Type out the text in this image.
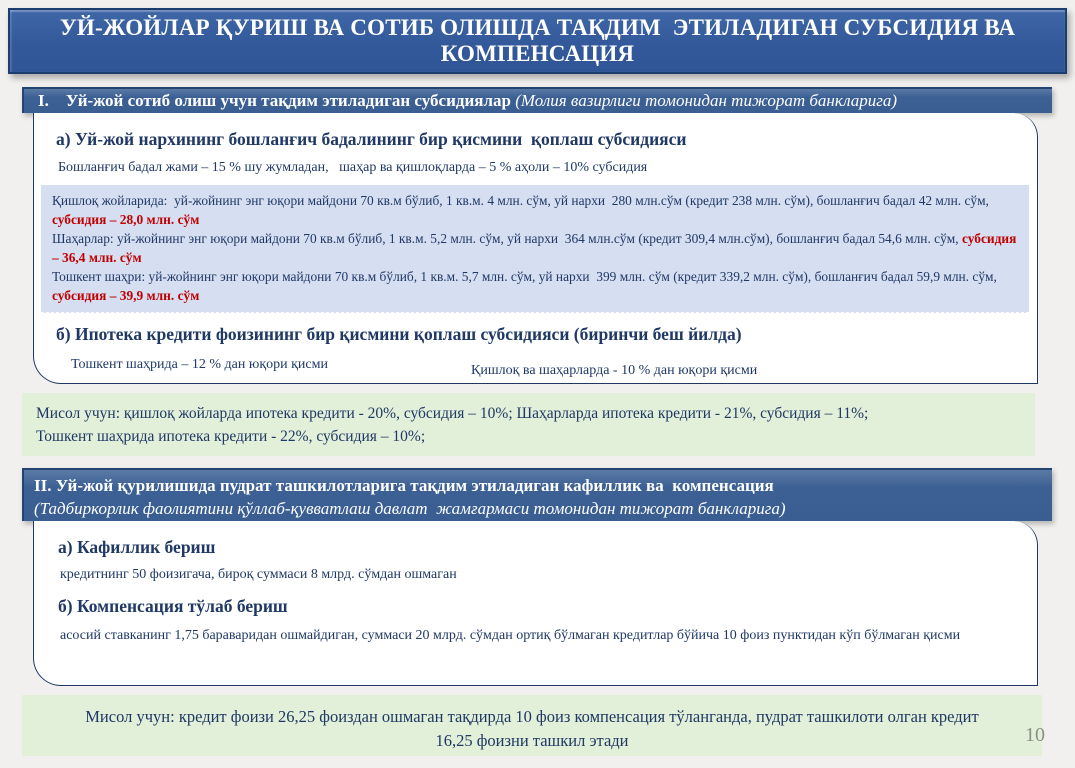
УЙ-ЖОЙЛАР ҚУРИШ ВА СОТИБ ОЛИШДА ТАҚДИМ  ЭТИЛАДИГАН СУБСИДИЯ ВА КОМПЕНСАЦИЯ
I.    Уй-жой сотиб олиш учун тақдим этиладиган субсидиялар (Молия вазирлиги томонидан тижорат банкларига)
а) Уй-жой нархининг бошланғич бадалининг бир қисмини  қоплаш субсидияси
Бошланғич бадал жами – 15 % шу жумладан,   шаҳар ва қишлоқларда – 5 % аҳоли – 10% субсидия
Қишлоқ жойларида:  уй-жойнинг энг юқори майдони 70 кв.м бўлиб, 1 кв.м. 4 млн. сўм, уй нархи  280 млн.сўм (кредит 238 млн. сўм), бошланғич бадал 42 млн. сўм, субсидия – 28,0 млн. сўм
Шаҳарлар: уй-жойнинг энг юқори майдони 70 кв.м бўлиб, 1 кв.м. 5,2 млн. сўм, уй нархи  364 млн.сўм (кредит 309,4 млн.сўм), бошланғич бадал 54,6 млн. сўм, субсидия – 36,4 млн. сўм
Тошкент шаҳри: уй-жойнинг энг юқори майдони 70 кв.м бўлиб, 1 кв.м. 5,7 млн. сўм, уй нархи  399 млн. сўм (кредит 339,2 млн. сўм), бошланғич бадал 59,9 млн. сўм, субсидия – 39,9 млн. сўм
б) Ипотека кредити фоизининг бир қисмини қоплаш субсидияси (биринчи беш йилда)
Тошкент шаҳрида – 12 % дан юқори қисми	Қишлоқ ва шаҳарларда - 10 % дан юқори қисми
Мисол учун: қишлоқ жойларда ипотека кредити - 20%, субсидия – 10%; Шаҳарларда ипотека кредити - 21%, субсидия – 11%;
Тошкент шаҳрида ипотека кредити - 22%, субсидия – 10%;
II. Уй-жой қурилишида пудрат ташкилотларига тақдим этиладиган кафиллик ва  компенсация
(Тадбиркорлик фаолиятини қўллаб-қувватлаш давлат  жамғармаси томонидан тижорат банкларига)
а) Кафиллик бериш
кредитнинг 50 фоизигача, бироқ суммаси 8 млрд. сўмдан ошмаган
б) Компенсация тўлаб бериш
асосий ставканинг 1,75 бараваридан ошмайдиган, суммаси 20 млрд. сўмдан ортиқ бўлмаган кредитлар бўйича 10 фоиз пунктидан кўп бўлмаган қисми
Мисол учун: кредит фоизи 26,25 фоиздан ошмаган тақдирда 10 фоиз компенсация тўланганда, пудрат ташкилоти олган кредит
16,25 фоизни ташкил этади	10
